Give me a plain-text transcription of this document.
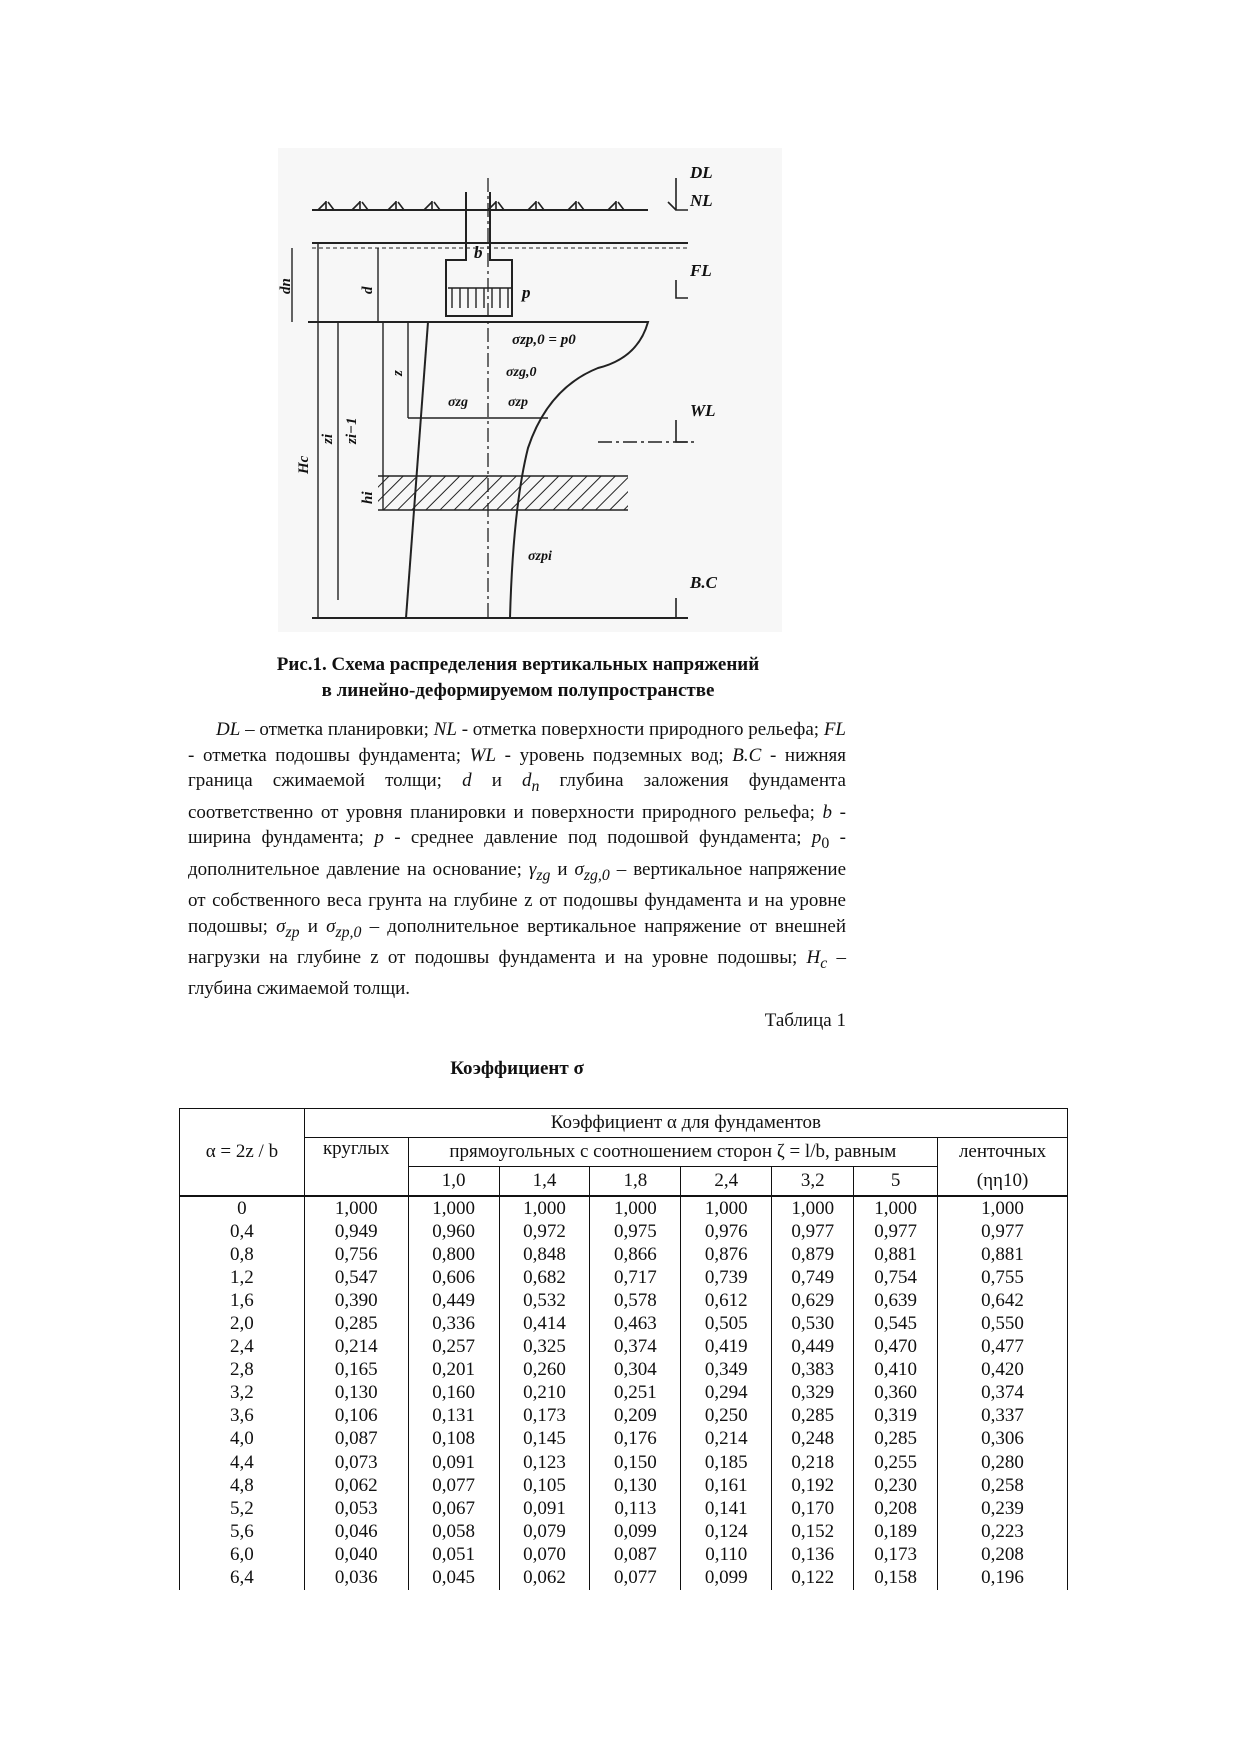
DL
NL
FL
WL
B.C
b
p
σzp,0 = p0
σzg,0
σzg	σzp
σzpi
dn	d
z
zi zi−1
Hc
hi
Рис.1. Схема распределения вертикальных напряжений
в линейно-деформируемом полупространстве

DL – отметка планировки; NL - отметка поверхности природного рельефа; FL - отметка подошвы фундамента; WL - уровень подземных вод; B.C - нижняя граница сжимаемой толщи; d и $d_n$ глубина заложения фундамента соответственно от уровня планировки и поверхности природного рельефа; b - ширина фундамента; p - среднее давление под подошвой фундамента; $p_0$ - дополнительное давление на основание; $\gamma_{zg}$ и $\sigma_{zg,0}$ – вертикальное напряжение от собственного веса грунта на глубине z от подошвы фундамента и на уровне подошвы; $\sigma_{zp}$ и $\sigma_{zp,0}$ – дополнительное вертикальное напряжение от внешней нагрузки на глубине z от подошвы фундамента и на уровне подошвы; $H_c$ – глубина сжимаемой толщи.

Таблица 1
Коэффициент σ
α = 2z / b	Коэффициент α для фундаментов							
	круглых	прямоугольных с соотношением сторон ζ = l/b, равным						ленточных
		1,0	1,4	1,8	2,4	3,2	5	(ηη10)
0	1,000	1,000	1,000	1,000	1,000	1,000	1,000	1,000
0,4	0,949	0,960	0,972	0,975	0,976	0,977	0,977	0,977
0,8	0,756	0,800	0,848	0,866	0,876	0,879	0,881	0,881
1,2	0,547	0,606	0,682	0,717	0,739	0,749	0,754	0,755
1,6	0,390	0,449	0,532	0,578	0,612	0,629	0,639	0,642
2,0	0,285	0,336	0,414	0,463	0,505	0,530	0,545	0,550
2,4	0,214	0,257	0,325	0,374	0,419	0,449	0,470	0,477
2,8	0,165	0,201	0,260	0,304	0,349	0,383	0,410	0,420
3,2	0,130	0,160	0,210	0,251	0,294	0,329	0,360	0,374
3,6	0,106	0,131	0,173	0,209	0,250	0,285	0,319	0,337
4,0	0,087	0,108	0,145	0,176	0,214	0,248	0,285	0,306
4,4	0,073	0,091	0,123	0,150	0,185	0,218	0,255	0,280
4,8	0,062	0,077	0,105	0,130	0,161	0,192	0,230	0,258
5,2	0,053	0,067	0,091	0,113	0,141	0,170	0,208	0,239
5,6	0,046	0,058	0,079	0,099	0,124	0,152	0,189	0,223
6,0	0,040	0,051	0,070	0,087	0,110	0,136	0,173	0,208
6,4	0,036	0,045	0,062	0,077	0,099	0,122	0,158	0,196
